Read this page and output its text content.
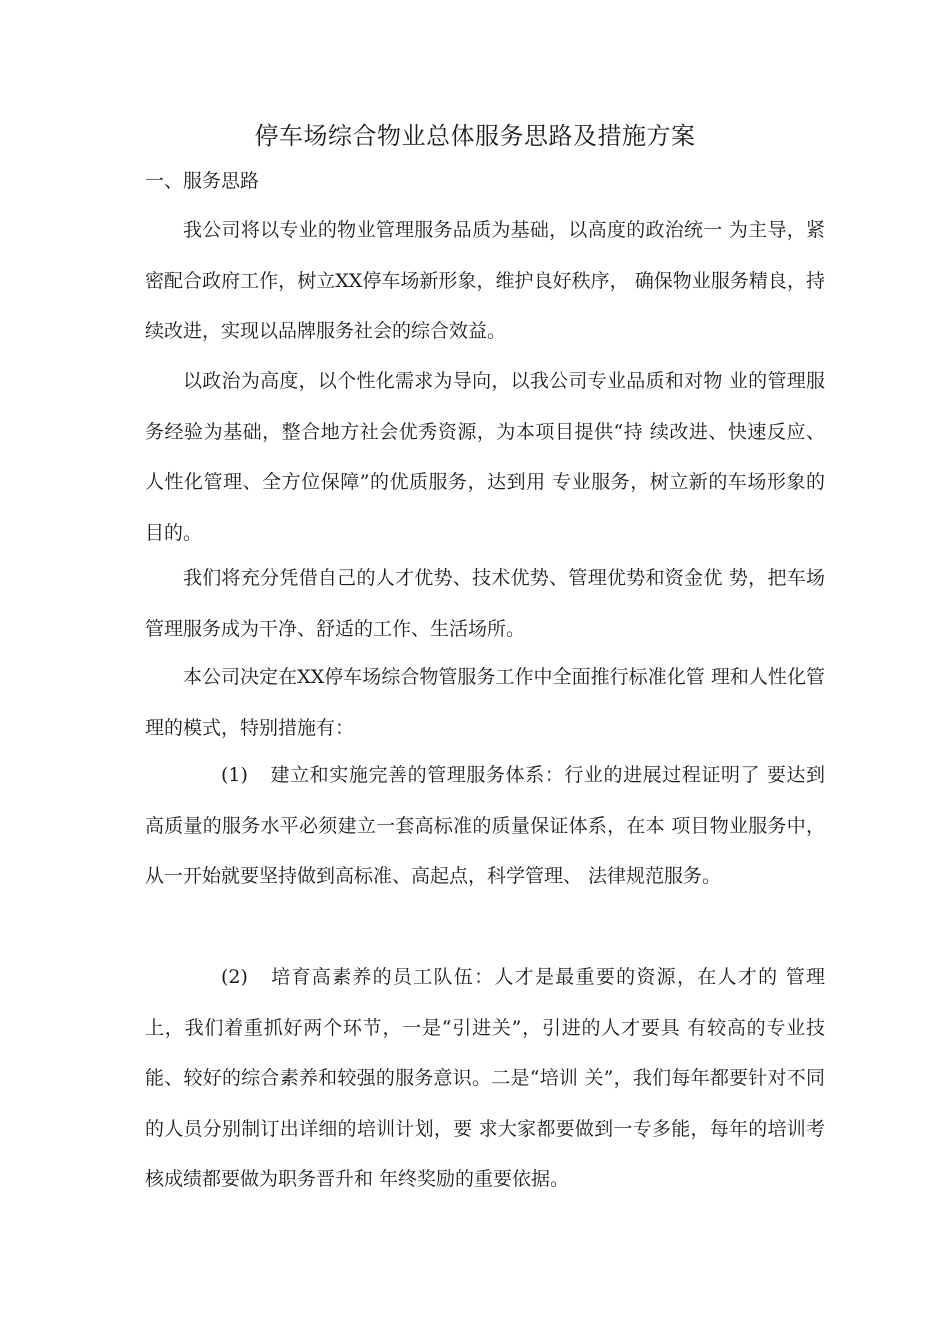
停车场综合物业总体服务思路及措施方案
一、服务思路

我公司将以专业的物业管理服务品质为基础，以高度的政治统一 为主导，紧密配合政府工作，树立XX停车场新形象，维护良好秩序， 确保物业服务精良，持续改进，实现以品牌服务社会的综合效益。

以政治为高度，以个性化需求为导向，以我公司专业品质和对物 业的管理服务经验为基础，整合地方社会优秀资源，为本项目提供“持 续改进、快速反应、人性化管理、全方位保障”的优质服务，达到用 专业服务，树立新的车场形象的目的。

我们将充分凭借自己的人才优势、技术优势、管理优势和资金优 势，把车场管理服务成为干净、舒适的工作、生活场所。

本公司决定在XX停车场综合物管服务工作中全面推行标准化管 理和人性化管理的模式，特别措施有：

(1) 建立和实施完善的管理服务体系：行业的进展过程证明了 要达到高质量的服务水平必须建立一套高标准的质量保证体系，在本 项目物业服务中，从一开始就要坚持做到高标准、高起点，科学管理、 法律规范服务。

(2) 培育高素养的员工队伍：人才是最重要的资源，在人才的 管理上，我们着重抓好两个环节，一是“引进关”，引进的人才要具 有较高的专业技能、较好的综合素养和较强的服务意识。二是“培训 关”，我们每年都要针对不同的人员分别制订出详细的培训计划，要 求大家都要做到一专多能，每年的培训考核成绩都要做为职务晋升和 年终奖励的重要依据。
